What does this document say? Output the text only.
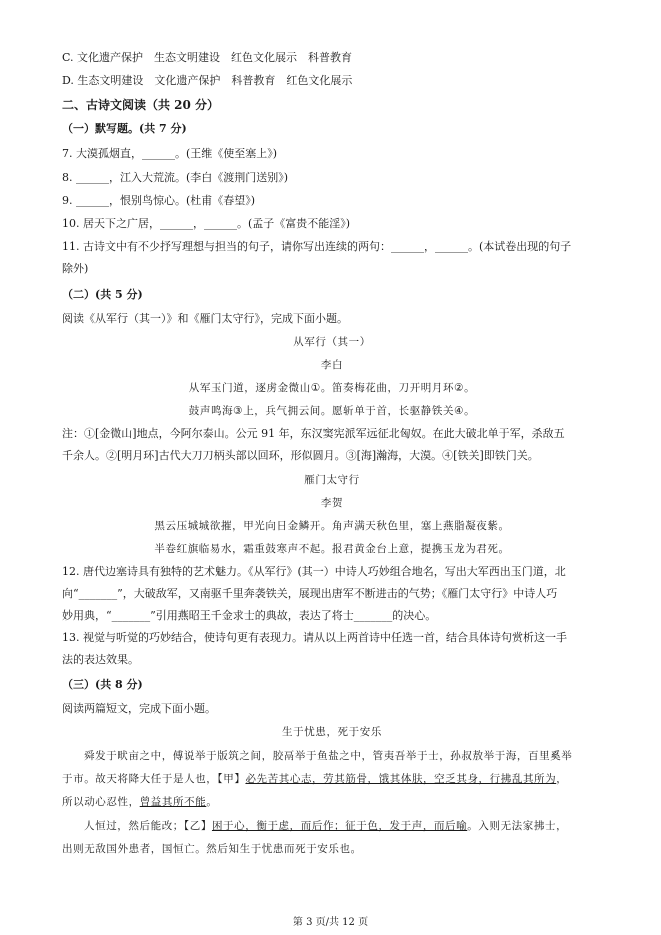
C. 文化遗产保护　生态文明建设　红色文化展示　科普教育
D. 生态文明建设　文化遗产保护　科普教育　红色文化展示
二、古诗文阅读（共 20 分）
（一）默写题。(共 7 分)
7. 大漠孤烟直，______。(王维《使至塞上》)
8. ______，江入大荒流。(李白《渡荆门送别》)
9. ______，恨别鸟惊心。(杜甫《春望》)
10. 居天下之广居，______，______。(孟子《富贵不能淫》)
11. 古诗文中有不少抒写理想与担当的句子，请你写出连续的两句：______，______。(本试卷出现的句子
除外)
（二）(共 5 分)
阅读《从军行（其一）》和《雁门太守行》，完成下面小题。
从军行（其一）
李白
从军玉门道，逐虏金微山①。笛奏梅花曲，刀开明月环②。
鼓声鸣海③上，兵气拥云间。愿斩单于首，长驱静铁关④。
注：①[金微山]地点，今阿尔泰山。公元 91 年，东汉窦宪派军远征北匈奴。在此大破北单于军，杀敌五
千余人。②[明月环]古代大刀刀柄头部以回环，形似圆月。③[海]瀚海，大漠。④[铁关]即铁门关。
雁门太守行
李贺
黑云压城城欲摧，甲光向日金鳞开。角声满天秋色里，塞上燕脂凝夜紫。
半卷红旗临易水，霜重鼓寒声不起。报君黄金台上意，提携玉龙为君死。
12. 唐代边塞诗具有独特的艺术魅力。《从军行》(其一）中诗人巧妙组合地名，写出大军西出玉门道，北
向“_______”，大破敌军，又南驱千里奔袭铁关，展现出唐军不断进击的气势；《雁门太守行》中诗人巧
妙用典，“_______”引用燕昭王千金求士的典故，表达了将士_______的决心。
13. 视觉与听觉的巧妙结合，使诗句更有表现力。请从以上两首诗中任选一首，结合具体诗句赏析这一手
法的表达效果。
（三）(共 8 分)
阅读两篇短文，完成下面小题。
生于忧患，死于安乐
舜发于畎亩之中，傅说举于版筑之间，胶鬲举于鱼盐之中，管夷吾举于士，孙叔敖举于海，百里奚举
于市。故天将降大任于是人也，【甲】必先苦其心志，劳其筋骨，饿其体肤，空乏其身，行拂乱其所为，
所以动心忍性，曾益其所不能。
人恒过，然后能改；【乙】困于心，衡于虑，而后作；征于色，发于声，而后喻。入则无法家拂士，
出则无敌国外患者，国恒亡。然后知生于忧患而死于安乐也。
第 3 页/共 12 页
